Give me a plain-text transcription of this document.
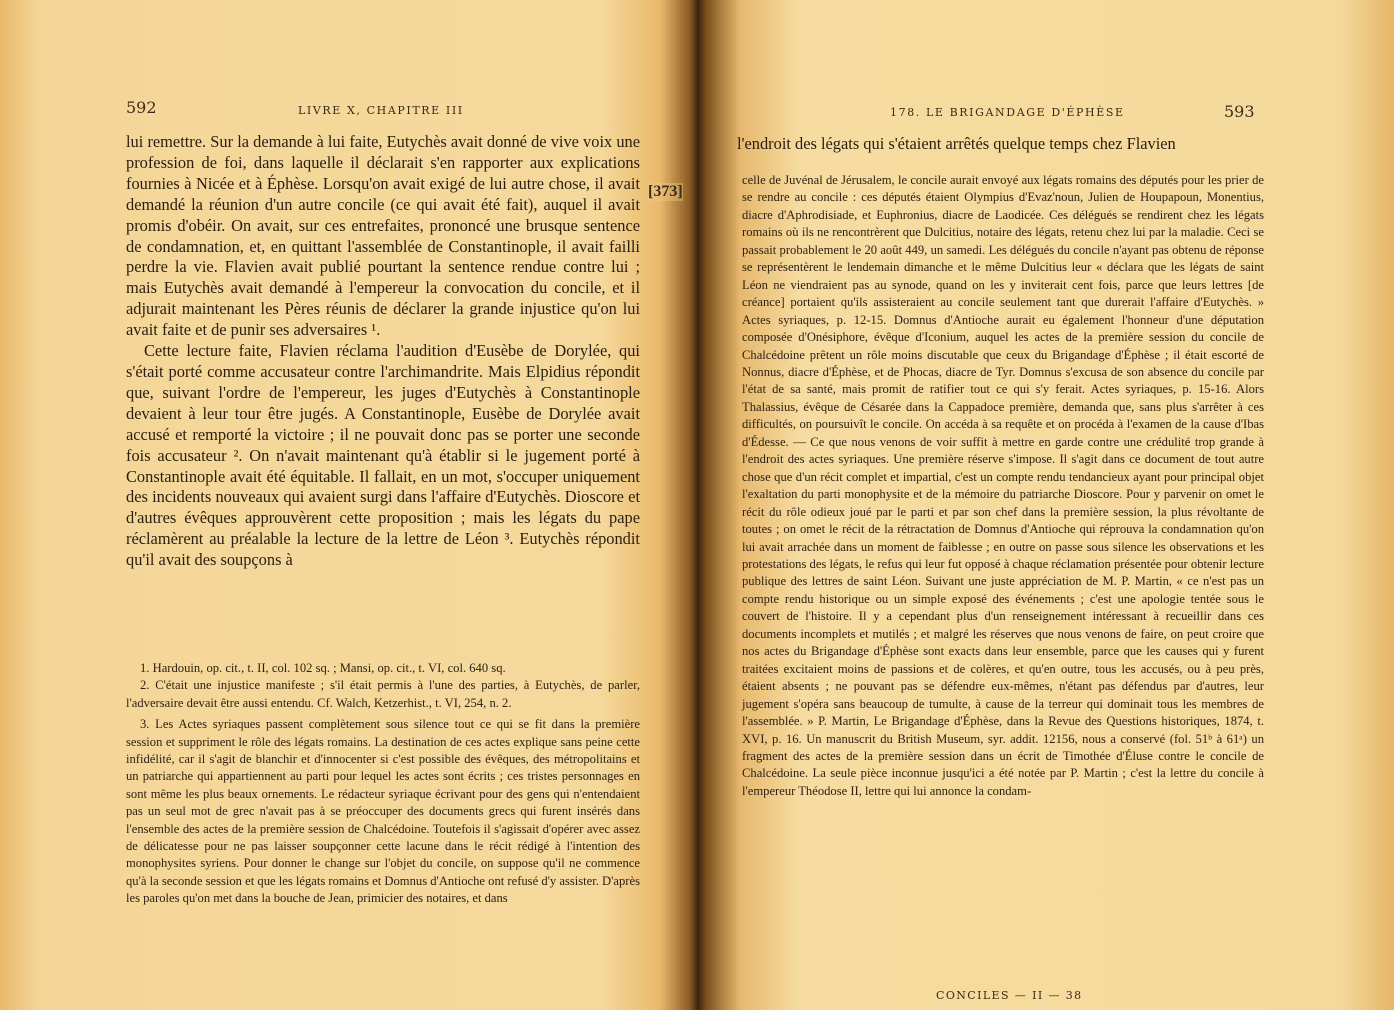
592	LIVRE X, CHAPITRE III

lui remettre. Sur la demande à lui faite, Eutychès avait donné de vive voix une profession de foi, dans laquelle il déclarait s'en rapporter aux explications fournies à Nicée et à Éphèse. Lorsqu'on avait exigé de lui autre chose, il avait demandé la réunion d'un autre concile (ce qui avait été fait), auquel il avait promis d'obéir. On avait, sur ces entrefaites, prononcé une brusque sentence de condamnation, et, en quittant l'assemblée de Constantinople, il avait failli perdre la vie. Flavien avait publié pourtant la sentence rendue contre lui ; mais Eutychès avait demandé à l'empereur la convocation du concile, et il adjurait maintenant les Pères réunis de déclarer la grande injustice qu'on lui avait faite et de punir ses adversaires ¹.

Cette lecture faite, Flavien réclama l'audition d'Eusèbe de Dorylée, qui s'était porté comme accusateur contre l'archimandrite. Mais Elpidius répondit que, suivant l'ordre de l'empereur, les juges d'Eutychès à Constantinople devaient à leur tour être jugés. A Constantinople, Eusèbe de Dorylée avait accusé et remporté la victoire ; il ne pouvait donc pas se porter une seconde fois accusateur ². On n'avait maintenant qu'à établir si le jugement porté à Constantinople avait été équitable. Il fallait, en un mot, s'occuper uniquement des incidents nouveaux qui avaient surgi dans l'affaire d'Eutychès. Dioscore et d'autres évêques approuvèrent cette proposition ; mais les légats du pape réclamèrent au préalable la lecture de la lettre de Léon ³. Eutychès répondit qu'il avait des soupçons à

[373]

1. Hardouin, op. cit., t. II, col. 102 sq. ; Mansi, op. cit., t. VI, col. 640 sq.

2. C'était une injustice manifeste ; s'il était permis à l'une des parties, à Eutychès, de parler, l'adversaire devait être aussi entendu. Cf. Walch, Ketzerhist., t. VI, 254, n. 2.

3. Les Actes syriaques passent complètement sous silence tout ce qui se fit dans la première session et suppriment le rôle des légats romains. La destination de ces actes explique sans peine cette infidélité, car il s'agit de blanchir et d'innocenter si c'est possible des évêques, des métropolitains et un patriarche qui appartiennent au parti pour lequel les actes sont écrits ; ces tristes personnages en sont même les plus beaux ornements. Le rédacteur syriaque écrivant pour des gens qui n'entendaient pas un seul mot de grec n'avait pas à se préoccuper des documents grecs qui furent insérés dans l'ensemble des actes de la première session de Chalcédoine. Toutefois il s'agissait d'opérer avec assez de délicatesse pour ne pas laisser soupçonner cette lacune dans le récit rédigé à l'intention des monophysites syriens. Pour donner le change sur l'objet du concile, on suppose qu'il ne commence qu'à la seconde session et que les légats romains et Domnus d'Antioche ont refusé d'y assister. D'après les paroles qu'on met dans la bouche de Jean, primicier des notaires, et dans

178. LE BRIGANDAGE D'ÉPHÈSE	593
l'endroit des légats qui s'étaient arrêtés quelque temps chez Flavien

celle de Juvénal de Jérusalem, le concile aurait envoyé aux légats romains des députés pour les prier de se rendre au concile : ces députés étaient Olympius d'Evaz'noun, Julien de Houpapoun, Monentius, diacre d'Aphrodisiade, et Euphronius, diacre de Laodicée. Ces délégués se rendirent chez les légats romains où ils ne rencontrèrent que Dulcitius, notaire des légats, retenu chez lui par la maladie. Ceci se passait probablement le 20 août 449, un samedi. Les délégués du concile n'ayant pas obtenu de réponse se représentèrent le lendemain dimanche et le même Dulcitius leur « déclara que les légats de saint Léon ne viendraient pas au synode, quand on les y inviterait cent fois, parce que leurs lettres [de créance] portaient qu'ils assisteraient au concile seulement tant que durerait l'affaire d'Eutychès. » Actes syriaques, p. 12-15. Domnus d'Antioche aurait eu également l'honneur d'une députation composée d'Onésiphore, évêque d'Iconium, auquel les actes de la première session du concile de Chalcédoine prêtent un rôle moins discutable que ceux du Brigandage d'Éphèse ; il était escorté de Nonnus, diacre d'Éphèse, et de Phocas, diacre de Tyr. Domnus s'excusa de son absence du concile par l'état de sa santé, mais promit de ratifier tout ce qui s'y ferait. Actes syriaques, p. 15-16. Alors Thalassius, évêque de Césarée dans la Cappadoce première, demanda que, sans plus s'arrêter à ces difficultés, on poursuivît le concile. On accéda à sa requête et on procéda à l'examen de la cause d'Ibas d'Édesse. — Ce que nous venons de voir suffit à mettre en garde contre une crédulité trop grande à l'endroit des actes syriaques. Une première réserve s'impose. Il s'agit dans ce document de tout autre chose que d'un récit complet et impartial, c'est un compte rendu tendancieux ayant pour principal objet l'exaltation du parti monophysite et de la mémoire du patriarche Dioscore. Pour y parvenir on omet le récit du rôle odieux joué par le parti et par son chef dans la première session, la plus révoltante de toutes ; on omet le récit de la rétractation de Domnus d'Antioche qui réprouva la condamnation qu'on lui avait arrachée dans un moment de faiblesse ; en outre on passe sous silence les observations et les protestations des légats, le refus qui leur fut opposé à chaque réclamation présentée pour obtenir lecture publique des lettres de saint Léon. Suivant une juste appréciation de M. P. Martin, « ce n'est pas un compte rendu historique ou un simple exposé des événements ; c'est une apologie tentée sous le couvert de l'histoire. Il y a cependant plus d'un renseignement intéressant à recueillir dans ces documents incomplets et mutilés ; et malgré les réserves que nous venons de faire, on peut croire que nos actes du Brigandage d'Éphèse sont exacts dans leur ensemble, parce que les causes qui y furent traitées excitaient moins de passions et de colères, et qu'en outre, tous les accusés, ou à peu près, étaient absents ; ne pouvant pas se défendre eux-mêmes, n'étant pas défendus par d'autres, leur jugement s'opéra sans beaucoup de tumulte, à cause de la terreur qui dominait tous les membres de l'assemblée. » P. Martin, Le Brigandage d'Éphèse, dans la Revue des Questions historiques, 1874, t. XVI, p. 16. Un manuscrit du British Museum, syr. addit. 12156, nous a conservé (fol. 51ᵇ à 61ᵃ) un fragment des actes de la première session dans un écrit de Timothée d'Éluse contre le concile de Chalcédoine. La seule pièce inconnue jusqu'ici a été notée par P. Martin ; c'est la lettre du concile à l'empereur Théodose II, lettre qui lui annonce la condam-

CONCILES — II — 38
